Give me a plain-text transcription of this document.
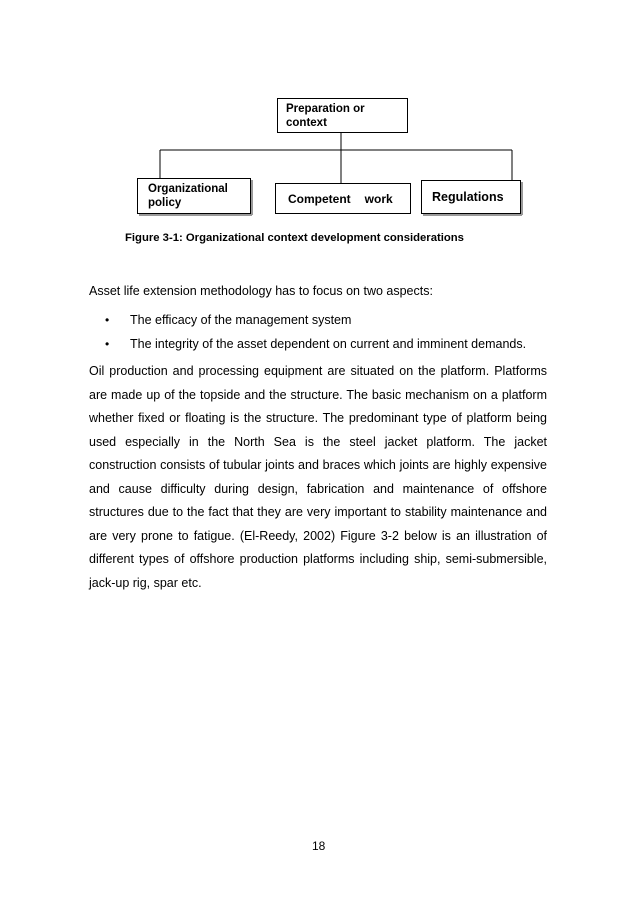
Preparation or
context
Organizational
policy	Competent work	Regulations
Figure 3-1: Organizational context development considerations
Asset life extension methodology has to focus on two aspects:
• The efficacy of the management system
• The integrity of the asset dependent on current and imminent demands.

Oil production and processing equipment are situated on the platform. Platforms are made up of the topside and the structure. The basic mechanism on a platform whether fixed or floating is the structure. The predominant type of platform being used especially in the North Sea is the steel jacket platform. The jacket construction consists of tubular joints and braces which joints are highly expensive and cause difficulty during design, fabrication and maintenance of offshore structures due to the fact that they are very important to stability maintenance and are very prone to fatigue. (El-Reedy, 2002) Figure 3-2 below is an illustration of different types of offshore production platforms including ship, semi-submersible, jack-up rig, spar etc.

18
